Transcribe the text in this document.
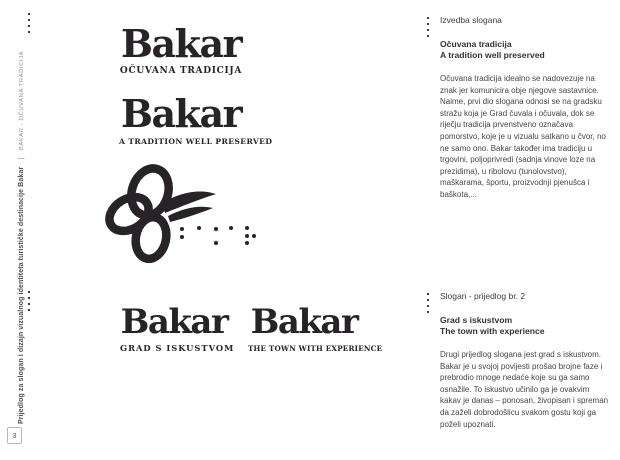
Prijedlog za slogan i dizajn vizualnog identiteta turističke destinacije Bakar | BAKAR - OČUVANA TRADICIJA
3
Bakar
OČUVANA TRADICIJA
Bakar
A TRADITION WELL PRESERVED
Bakar
GRAD S ISKUSTVOM
Bakar
THE TOWN WITH EXPERIENCE

Izvedba slogana

Očuvana tradicija

A tradition well preserved

Očuvana tradicija idealno se nadovezuje na znak jer komunicira obje njegove sastavnice. Naime, prvi dio slogana odnosi se na gradsku stražu koja je Grad čuvala i očuvala, dok se riječju tradicija prvenstveno označava pomorstvo, koje je u vizualu satkano u čvor, no ne samo ono. Bakar također ima tradiciju u trgovini, poljoprivredi (sadnja vinove loze na prezidima), u ribolovu (tunolovstvo), maškarama, športu, proizvodnji pjenušca i baškota,...

Slogan - prijedlog br. 2

Grad s iskustvom

The town with experience

Drugi prijedlog slogana jest grad s iskustvom. Bakar je u svojoj povijesti prošao brojne faze i prebrodio mnoge nedaće koje su ga samo osnažile. To iskustvo učinilo ga je ovakvim kakav je danas – ponosan, živopisan i spreman da zaželi dobrodošlicu svakom gostu koji ga poželi upoznati.
